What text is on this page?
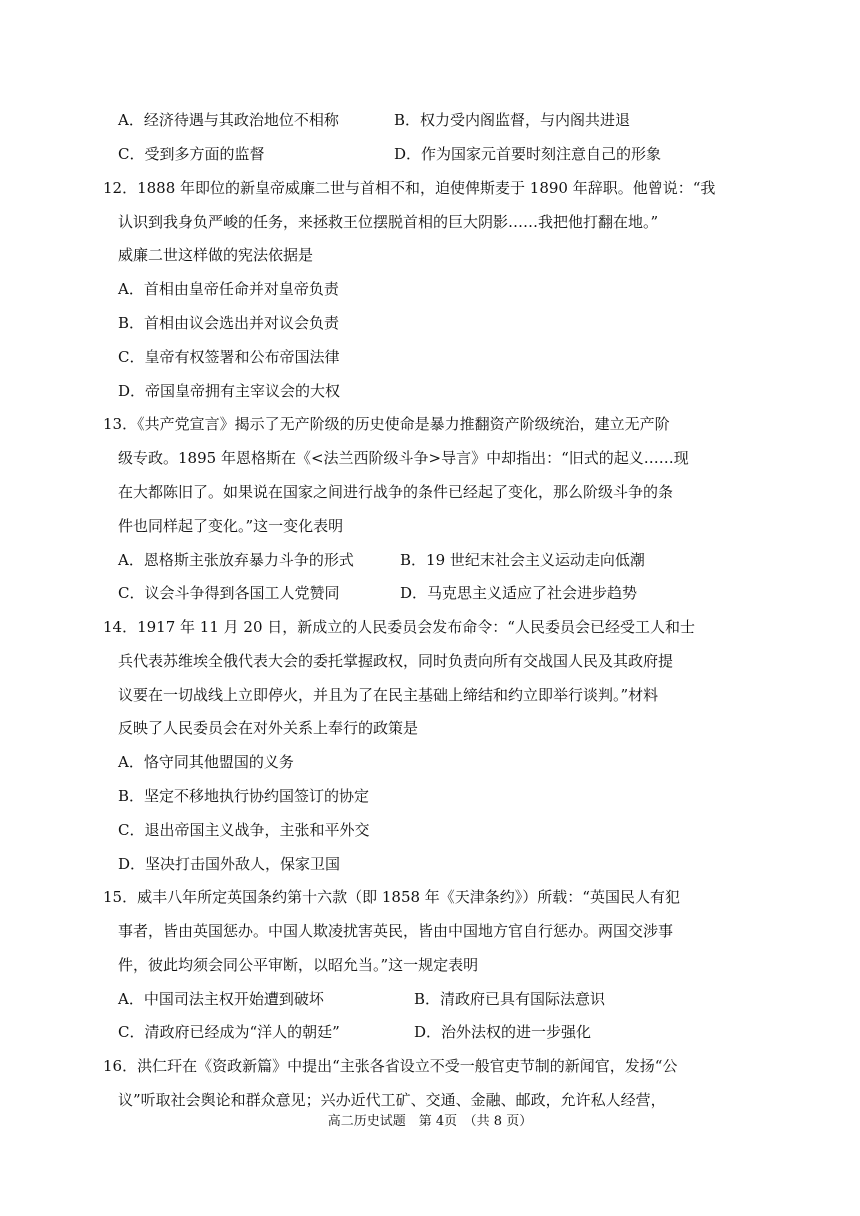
A．经济待遇与其政治地位不相称	B．权力受内阁监督，与内阁共进退
C．受到多方面的监督	D．作为国家元首要时刻注意自己的形象
12．1888 年即位的新皇帝威廉二世与首相不和，迫使俾斯麦于 1890 年辞职。他曾说：“我
认识到我身负严峻的任务，来拯救王位摆脱首相的巨大阴影……我把他打翻在地。”
威廉二世这样做的宪法依据是
A．首相由皇帝任命并对皇帝负责
B．首相由议会选出并对议会负责
C．皇帝有权签署和公布帝国法律
D．帝国皇帝拥有主宰议会的大权
13．《共产党宣言》揭示了无产阶级的历史使命是暴力推翻资产阶级统治，建立无产阶
级专政。1895 年恩格斯在《<法兰西阶级斗争>导言》中却指出：“旧式的起义……现
在大都陈旧了。如果说在国家之间进行战争的条件已经起了变化，那么阶级斗争的条
件也同样起了变化。”这一变化表明
A．恩格斯主张放弃暴力斗争的形式	B．19 世纪末社会主义运动走向低潮
C．议会斗争得到各国工人党赞同	D．马克思主义适应了社会进步趋势
14．1917 年 11 月 20 日，新成立的人民委员会发布命令：“人民委员会已经受工人和士
兵代表苏维埃全俄代表大会的委托掌握政权，同时负责向所有交战国人民及其政府提
议要在一切战线上立即停火，并且为了在民主基础上缔结和约立即举行谈判。”材料
反映了人民委员会在对外关系上奉行的政策是
A．恪守同其他盟国的义务
B．坚定不移地执行协约国签订的协定
C．退出帝国主义战争，主张和平外交
D．坚决打击国外敌人，保家卫国
15．威丰八年所定英国条约第十六款（即 1858 年《天津条约》）所载：“英国民人有犯
事者，皆由英国惩办。中国人欺凌扰害英民，皆由中国地方官自行惩办。两国交涉事
件，彼此均须会同公平审断，以昭允当。”这一规定表明
A．中国司法主权开始遭到破坏	B．清政府已具有国际法意识
C．清政府已经成为“洋人的朝廷”	D．治外法权的进一步强化
16．洪仁玕在《资政新篇》中提出“主张各省设立不受一般官吏节制的新闻官，发扬“公
议”听取社会舆论和群众意见；兴办近代工矿、交通、金融、邮政，允许私人经营，
高二历史试题　第 4页　（共 8 页）
